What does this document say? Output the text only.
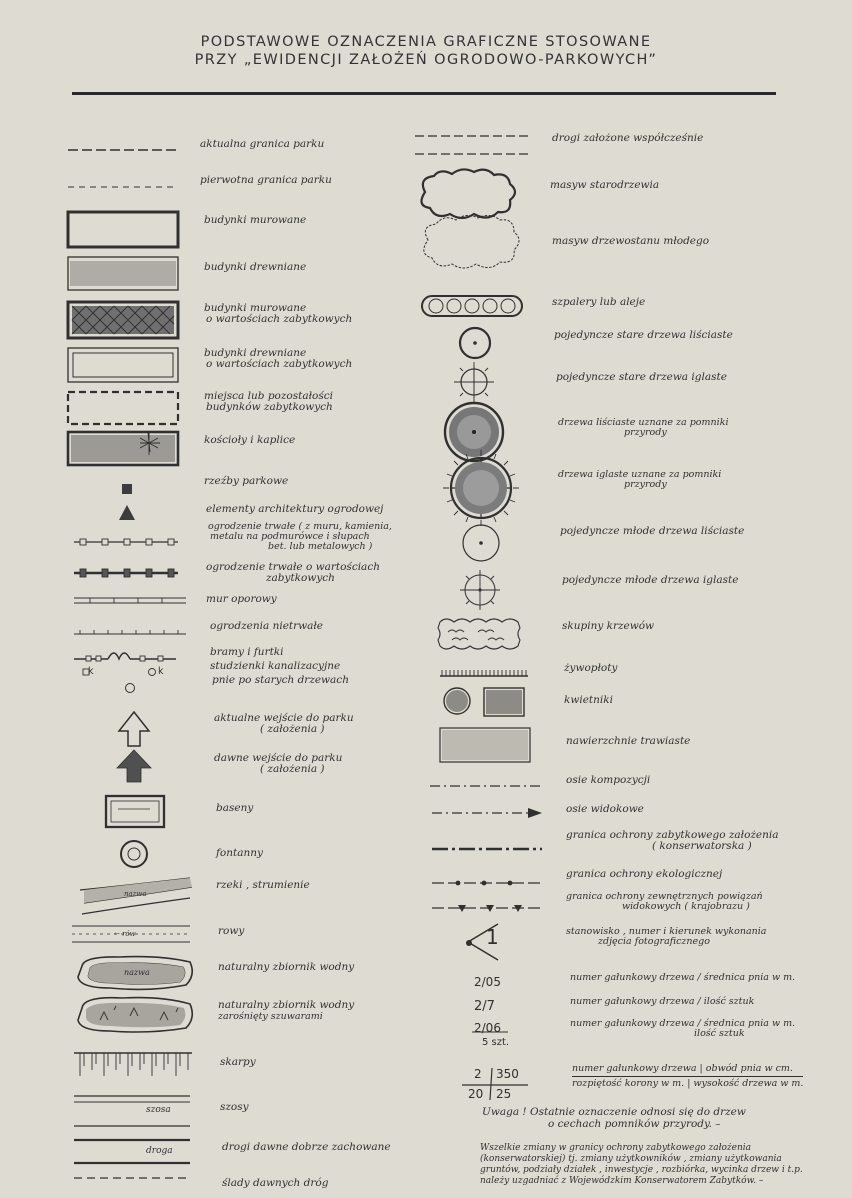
PODSTAWOWE OZNACZENIA GRAFICZNE STOSOWANE
PRZY „EWIDENCJI ZAŁOŻEŃ OGRODOWO-PARKOWYCH”
k	k
nazwa
← rów
nazwa
szosa
droga
aktualna granica parku
pierwotna granica parku
budynki murowane
budynki drewniane
budynki murowane
o wartościach zabytkowych
budynki drewniane
o wartościach zabytkowych
miejsca lub pozostałości
budynków zabytkowych
kościoły i kaplice
rzeźby parkowe
elementy architektury ogrodowej
ogrodzenie trwałe ( z muru, kamienia,
metalu na podmurówce i słupach
bet. lub metalowych )
ogrodzenie trwałe o wartościach
zabytkowych
mur oporowy
ogrodzenia nietrwałe
bramy i furtki
studzienki kanalizacyjne
pnie po starych drzewach
aktualne wejście do parku
( założenia )
dawne wejście do parku
( założenia )
baseny
fontanny
rzeki , strumienie
rowy
naturalny zbiornik wodny
naturalny zbiornik wodny
zarośnięty szuwarami
skarpy
szosy
drogi dawne dobrze zachowane
ślady dawnych dróg
1
2/05
2/7
2/06
5 szt.
2 350
20 25
drogi założone współcześnie
masyw starodrzewia
masyw drzewostanu młodego
szpalery lub aleje
pojedyncze stare drzewa liściaste
pojedyncze stare drzewa iglaste
drzewa liściaste uznane za pomniki
przyrody
drzewa iglaste uznane za pomniki
przyrody
pojedyncze młode drzewa liściaste
pojedyncze młode drzewa iglaste
skupiny krzewów
żywopłoty
kwietniki
nawierzchnie trawiaste
osie kompozycji
osie widokowe
granica ochrony zabytkowego założenia
( konserwatorska )
granica ochrony ekologicznej
granica ochrony zewnętrznych powiązań
widokowych ( krajobrazu )
stanowisko , numer i kierunek wykonania
zdjęcia fotograficznego
numer gałunkowy drzewa / średnica pnia w m.
numer gałunkowy drzewa / ilość sztuk
numer gałunkowy drzewa / średnica pnia w m.
ilość sztuk
numer gałunkowy drzewa | obwód pnia w cm.
rozpiętość korony w m. | wysokość drzewa w m.
Uwaga ! Ostatnie oznaczenie odnosi się do drzew
o cechach pomników przyrody. –
Wszelkie zmiany w granicy ochrony zabytkowego założenia
(konserwatorskiej) tj. zmiany użytkowników , zmiany użytkowania
gruntów, podziały działek , inwestycje , rozbiórka, wycinka drzew i t.p.
należy uzgadniać z Wojewódzkim Konserwatorem Zabytków. –
